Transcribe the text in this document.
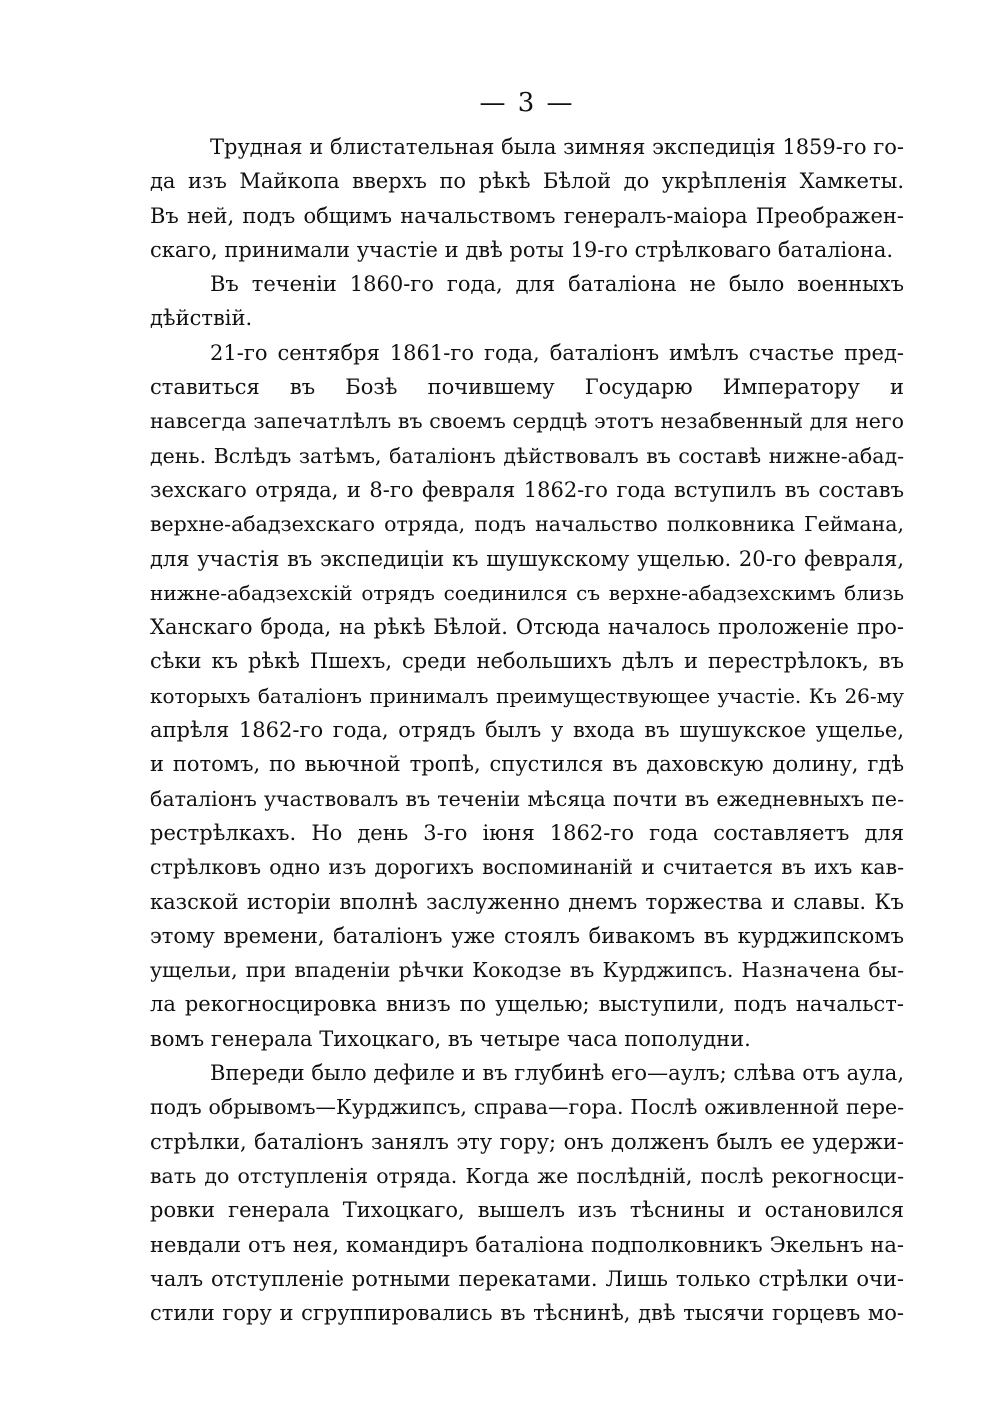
— 3 —
Трудная и блистательная была зимняя экспедиція 1859-го го-
да изъ Майкопа вверхъ по рѣкѣ Бѣлой до укрѣпленія Хамкеты.
Въ ней, подъ общимъ начальствомъ генералъ-маіора Преображен-
скаго, принимали участіе и двѣ роты 19-го стрѣлковаго баталіона.
Въ теченіи 1860-го года, для баталіона не было военныхъ
дѣйствій.
21-го сентября 1861-го года, баталіонъ имѣлъ счастье пред-
ставиться въ Бозѣ почившему Государю Императору и
навсегда запечатлѣлъ въ своемъ сердцѣ этотъ незабвенный для него
день. Вслѣдъ затѣмъ, баталіонъ дѣйствовалъ въ составѣ нижне-абад-
зехскаго отряда, и 8-го февраля 1862-го года вступилъ въ составъ
верхне-абадзехскаго отряда, подъ начальство полковника Геймана,
для участія въ экспедиціи къ шушукскому ущелью. 20-го февраля,
нижне-абадзехскій отрядъ соединился съ верхне-абадзехскимъ близь
Ханскаго брода, на рѣкѣ Бѣлой. Отсюда началось проложеніе про-
сѣки къ рѣкѣ Пшехъ, среди небольшихъ дѣлъ и перестрѣлокъ, въ
которыхъ баталіонъ принималъ преимуществующее участіе. Къ 26-му
апрѣля 1862-го года, отрядъ былъ у входа въ шушукское ущелье,
и потомъ, по вьючной тропѣ, спустился въ даховскую долину, гдѣ
баталіонъ участвовалъ въ теченіи мѣсяца почти въ ежедневныхъ пе-
рестрѣлкахъ. Но день 3-го іюня 1862-го года составляетъ для
стрѣлковъ одно изъ дорогихъ воспоминаній и считается въ ихъ кав-
казской исторіи вполнѣ заслуженно днемъ торжества и славы. Къ
этому времени, баталіонъ уже стоялъ бивакомъ въ курджипскомъ
ущельи, при впаденіи рѣчки Кокодзе въ Курджипсъ. Назначена бы-
ла рекогносцировка внизъ по ущелью; выступили, подъ начальст-
вомъ генерала Тихоцкаго, въ четыре часа пополудни.
Впереди было дефиле и въ глубинѣ его—аулъ; слѣва отъ аула,
подъ обрывомъ—Курджипсъ, справа—гора. Послѣ оживленной пере-
стрѣлки, баталіонъ занялъ эту гору; онъ долженъ былъ ее удержи-
вать до отступленія отряда. Когда же послѣдній, послѣ рекогносци-
ровки генерала Тихоцкаго, вышелъ изъ тѣснины и остановился
невдали отъ нея, командиръ баталіона подполковникъ Экельнъ на-
чалъ отступленіе ротными перекатами. Лишь только стрѣлки очи-
стили гору и сгруппировались въ тѣснинѣ, двѣ тысячи горцевъ мо-
